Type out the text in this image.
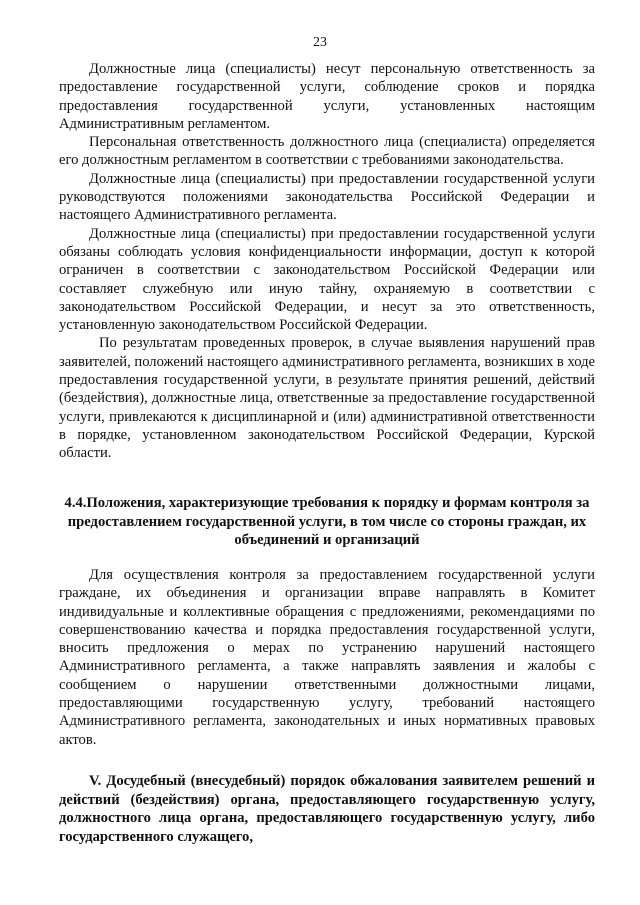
23

Должностные лица (специалисты) несут персональную ответственность за предоставление государственной услуги, соблюдение сроков и порядка предоставления государственной услуги, установленных настоящим Административным регламентом.

Персональная ответственность должностного лица (специалиста) определяется его должностным регламентом в соответствии с требованиями законодательства.

Должностные лица (специалисты) при предоставлении государственной услуги руководствуются положениями законодательства Российской Федерации и настоящего Административного регламента.

Должностные лица (специалисты) при предоставлении государственной услуги обязаны соблюдать условия конфиденциальности информации, доступ к которой ограничен в соответствии с законодательством Российской Федерации или составляет служебную или иную тайну, охраняемую в соответствии с законодательством Российской Федерации, и несут за это ответственность, установленную законодательством Российской Федерации.

По результатам проведенных проверок, в случае выявления нарушений прав заявителей, положений настоящего административного регламента, возникших в ходе предоставления государственной услуги, в результате принятия решений, действий (бездействия), должностные лица, ответственные за предоставление государственной услуги, привлекаются к дисциплинарной и (или) административной ответственности в порядке, установленном законодательством Российской Федерации, Курской области.

4.4.Положения, характеризующие требования к порядку и формам контроля за предоставлением государственной услуги, в том числе со стороны граждан, их объединений и организаций

Для осуществления контроля за предоставлением государственной услуги граждане, их объединения и организации вправе направлять в Комитет индивидуальные и коллективные обращения с предложениями, рекомендациями по совершенствованию качества и порядка предоставления государственной услуги, вносить предложения о мерах по устранению нарушений настоящего Административного регламента, а также направлять заявления и жалобы с сообщением о нарушении ответственными должностными лицами, предоставляющими государственную услугу, требований настоящего Административного регламента, законодательных и иных нормативных правовых актов.

V. Досудебный (внесудебный) порядок обжалования заявителем решений и действий (бездействия) органа, предоставляющего государственную услугу, должностного лица органа, предоставляющего государственную услугу, либо государственного служащего,
